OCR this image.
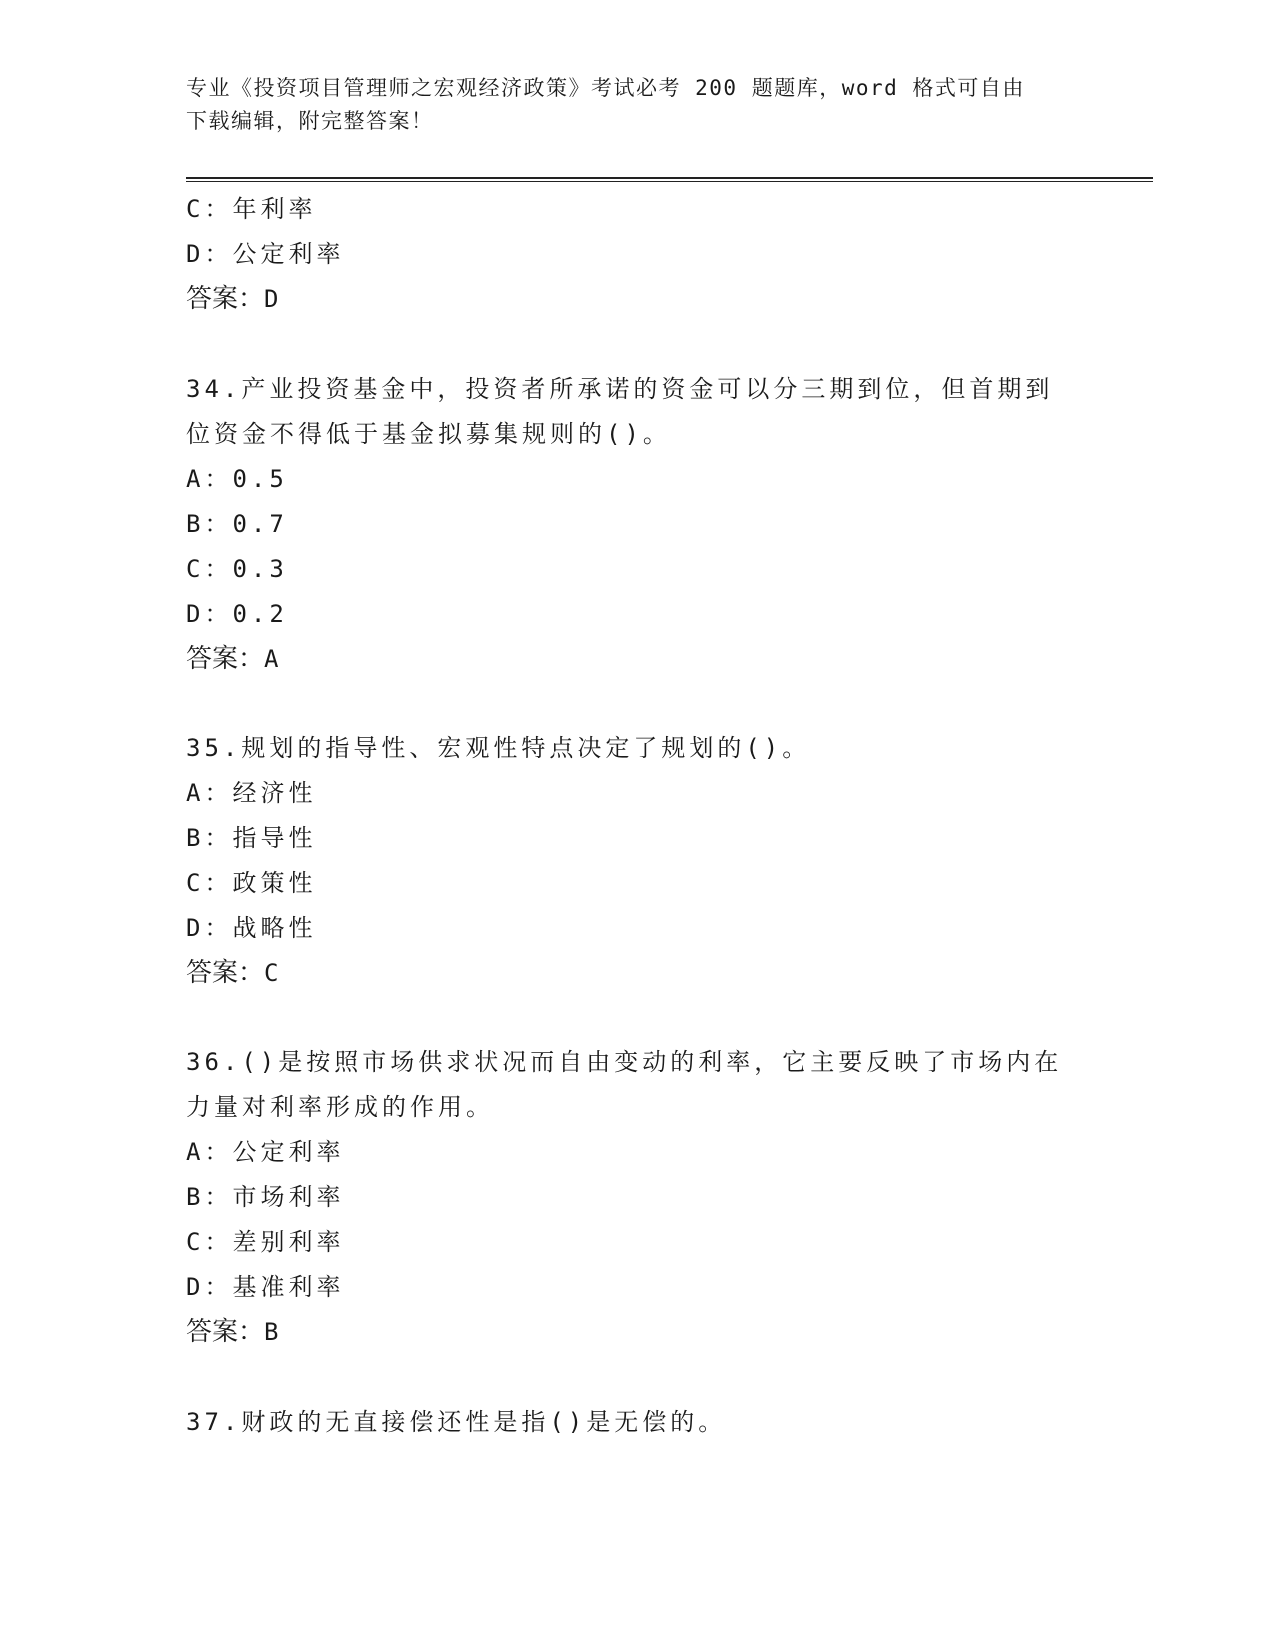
专业《投资项目管理师之宏观经济政策》考试必考 200 题题库，word 格式可自由
下载编辑，附完整答案！
C：年利率
D：公定利率
答案：D
34.产业投资基金中，投资者所承诺的资金可以分三期到位，但首期到
位资金不得低于基金拟募集规则的()。
A：0.5
B：0.7
C：0.3
D：0.2
答案：A
35.规划的指导性、宏观性特点决定了规划的()。
A：经济性
B：指导性
C：政策性
D：战略性
答案：C
36.()是按照市场供求状况而自由变动的利率，它主要反映了市场内在
力量对利率形成的作用。
A：公定利率
B：市场利率
C：差别利率
D：基准利率
答案：B
37.财政的无直接偿还性是指()是无偿的。
